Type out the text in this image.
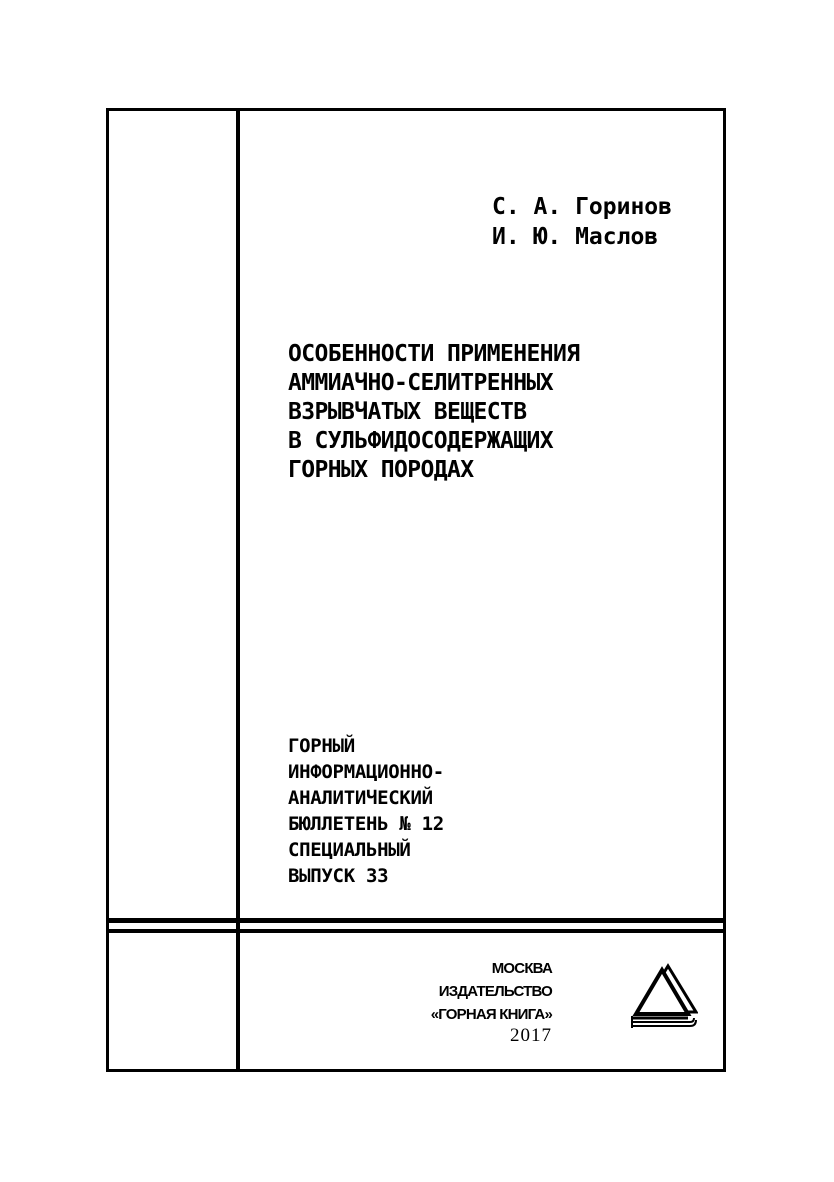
С. А. Горинов
И. Ю. Маслов
ОСОБЕННОСТИ ПРИМЕНЕНИЯ
АММИАЧНО-СЕЛИТРЕННЫХ
ВЗРЫВЧАТЫХ ВЕЩЕСТВ
В СУЛЬФИДОСОДЕРЖАЩИХ
ГОРНЫХ ПОРОДАХ
ГОРНЫЙ
ИНФОРМАЦИОННО-
АНАЛИТИЧЕСКИЙ
БЮЛЛЕТЕНЬ № 12
СПЕЦИАЛЬНЫЙ
ВЫПУСК 33
МОСКВА
ИЗДАТЕЛЬСТВО
«ГОРНАЯ КНИГА»
2017
